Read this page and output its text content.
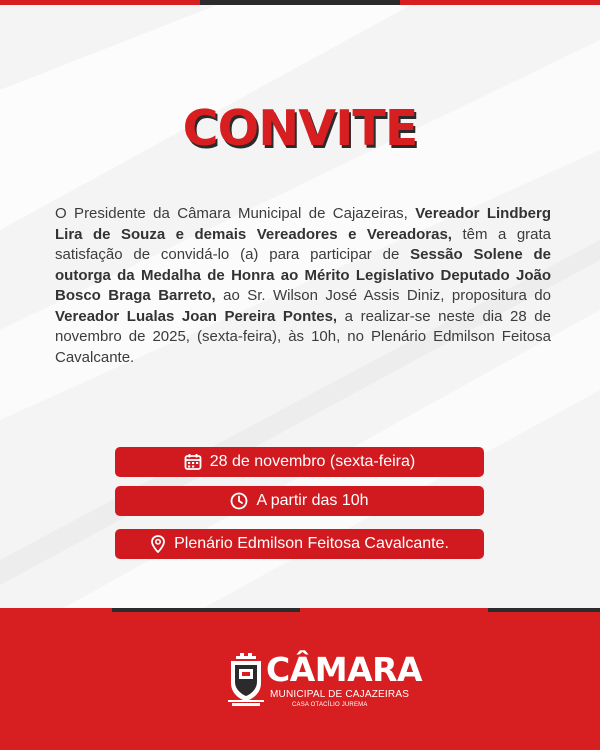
CONVITE
O Presidente da Câmara Municipal de Cajazeiras, Vereador Lindberg Lira de Souza e demais Vereadores e Vereadoras, têm a grata satisfação de convidá-lo (a) para participar de Sessão Solene de outorga da Medalha de Honra ao Mérito Legislativo Deputado João Bosco Braga Barreto, ao Sr. Wilson José Assis Diniz, propositura do Vereador Lualas Joan Pereira Pontes, a realizar-se neste dia 28 de novembro de 2025, (sexta-feira), às 10h, no Plenário Edmilson Feitosa Cavalcante.
28 de novembro (sexta-feira)
A partir das 10h
Plenário Edmilson Feitosa Cavalcante.
CÂMARA
MUNICIPAL DE CAJAZEIRAS
CASA OTACÍLIO JUREMA
